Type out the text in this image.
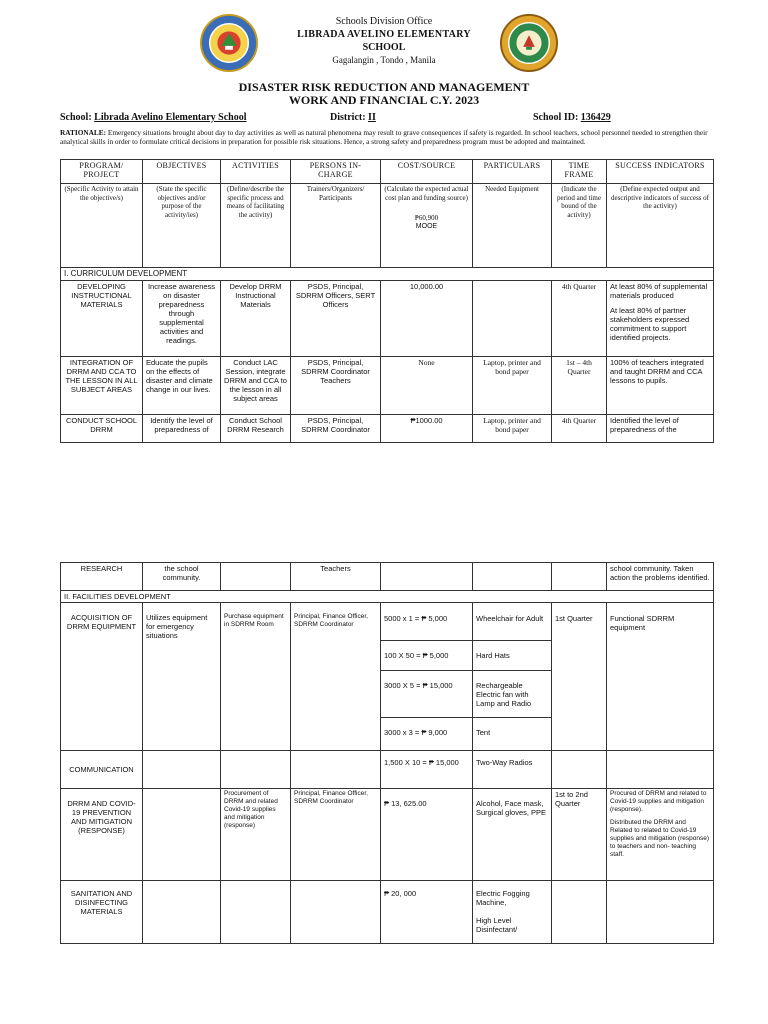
Schools Division Office
LIBRADA AVELINO ELEMENTARY
SCHOOL
Gagalangin , Tondo , Manila
DISASTER RISK REDUCTION AND MANAGEMENT
WORK AND FINANCIAL C.Y. 2023
School: Librada Avelino Elementary School	District: II	School ID: 136429
RATIONALE: Emergency situations brought about day to day activities as well as natural phenomena may result to grave consequences if safety is regarded. In school teachers, school personnel needed to strengthen their analytical skills in order to formulate critical decisions in preparation for possible risk situations. Hence, a strong safety and preparedness program must be adopted and maintained.
PROGRAM/ PROJECT	OBJECTIVES	ACTIVITIES	PERSONS IN-CHARGE	COST/SOURCE	PARTICULARS	TIME FRAME	SUCCESS INDICATORS
(Specific Activity to attain the objective/s)	(State the specific objectives and/or purpose of the activity/ies)	(Define/describe the specific process and means of facilitating the activity)	Trainers/Organizers/ Participants	(Calculate the expected actual cost plan and funding source)
₱60,900
MOOE	Needed Equipment	(Indicate the period and time bound of the activity)	(Define expected output and descriptive indicators of success of the activity)
I. CURRICULUM DEVELOPMENT							
DEVELOPING INSTRUCTIONAL MATERIALS	Increase awareness on disaster preparedness through supplemental activities and readings.	Develop DRRM Instructional Materials	PSDS, Principal, SDRRM Officers, SERT Officers	10,000.00		4th Quarter	At least 80% of supplemental materials produced
At least 80% of partner stakeholders expressed commitment to support identified projects.

INTEGRATION OF DRRM AND CCA TO THE LESSON IN ALL SUBJECT AREAS	Educate the pupils on the effects of disaster and climate change in our lives.	Conduct LAC Session, integrate DRRM and CCA to the lesson in all subject areas	PSDS, Principal, SDRRM Coordinator Teachers	None	Laptop, printer and bond paper	1st – 4th Quarter	100% of teachers integrated and taught DRRM and CCA lessons to pupils.
CONDUCT SCHOOL DRRM	Identify the level of preparedness of	Conduct School DRRM Research	PSDS, Principal, SDRRM Coordinator	₱1000.00	Laptop, printer and bond paper	4th Quarter	Identified the level of preparedness of the
RESEARCH	the school community.		Teachers				school community. Taken action the problems identified.
II. FACILITIES DEVELOPMENT							
ACQUISITION OF DRRM EQUIPMENT	Utilizes equipment for emergency situations	Purchase equipment in SDRRM Room	Principal, Finance Officer, SDRRM Coordinator	5000 x 1 = ₱ 5,000	Wheelchair for Adult	1st Quarter	Functional SDRRM equipment
				100 X 50 = ₱ 5,000	Hard Hats		
				3000 X 5 = ₱ 15,000	Rechargeable Electric fan with Lamp and Radio		
				3000 x 3 = ₱ 9,000	Tent		
COMMUNICATION				1,500 X 10 = ₱ 15,000	Two-Way Radios		
DRRM AND COVID-19 PREVENTION AND MITIGATION (RESPONSE)		Procurement of DRRM and related Covid-19 supplies and mitigation (response)	Principal, Finance Officer, SDRRM Coordinator	₱ 13, 625.00	Alcohol, Face mask, Surgical gloves, PPE	1st to 2nd Quarter	Procured of DRRM and related to Covid-19 supplies and mitigation (response).
Distributed the DRRM and Related to related to Covid-19 supplies and mitigation (response) to teachers and non- teaching staff.

SANITATION AND DISINFECTING MATERIALS				₱ 20, 000	Electric Fogging Machine,
High Level Disinfectant/		
